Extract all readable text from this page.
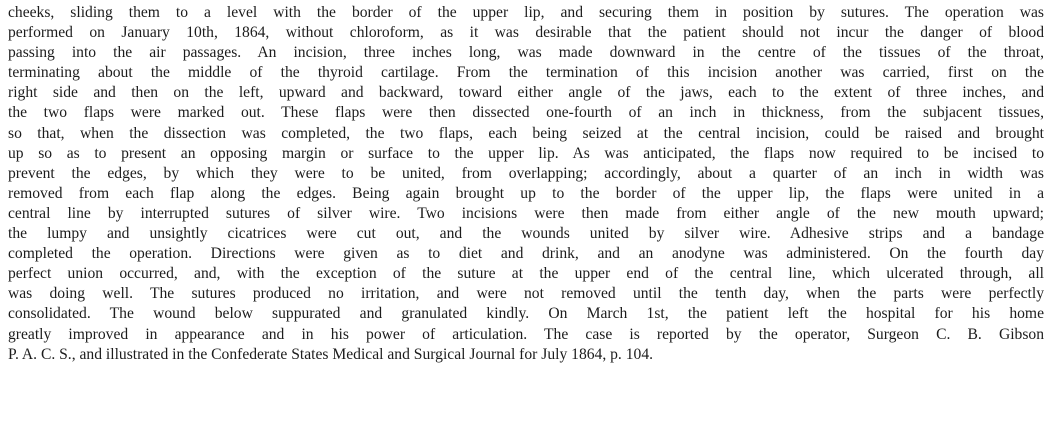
cheeks, sliding them to a level with the border of the upper lip, and securing them in position by sutures. The operation was
performed on January 10th, 1864, without chloroform, as it was desirable that the patient should not incur the danger of blood
passing into the air passages. An incision, three inches long, was made downward in the centre of the tissues of the throat,
terminating about the middle of the thyroid cartilage. From the termination of this incision another was carried, first on the
right side and then on the left, upward and backward, toward either angle of the jaws, each to the extent of three inches, and
the two flaps were marked out. These flaps were then dissected one-fourth of an inch in thickness, from the subjacent tissues,
so that, when the dissection was completed, the two flaps, each being seized at the central incision, could be raised and brought
up so as to present an opposing margin or surface to the upper lip. As was anticipated, the flaps now required to be incised to
prevent the edges, by which they were to be united, from overlapping; accordingly, about a quarter of an inch in width was
removed from each flap along the edges. Being again brought up to the border of the upper lip, the flaps were united in a
central line by interrupted sutures of silver wire. Two incisions were then made from either angle of the new mouth upward;
the lumpy and unsightly cicatrices were cut out, and the wounds united by silver wire. Adhesive strips and a bandage
completed the operation. Directions were given as to diet and drink, and an anodyne was administered. On the fourth day
perfect union occurred, and, with the exception of the suture at the upper end of the central line, which ulcerated through, all
was doing well. The sutures produced no irritation, and were not removed until the tenth day, when the parts were perfectly
consolidated. The wound below suppurated and granulated kindly. On March 1st, the patient left the hospital for his home
greatly improved in appearance and in his power of articulation. The case is reported by the operator, Surgeon C. B. Gibson
P. A. C. S., and illustrated in the Confederate States Medical and Surgical Journal for July 1864, p. 104.
